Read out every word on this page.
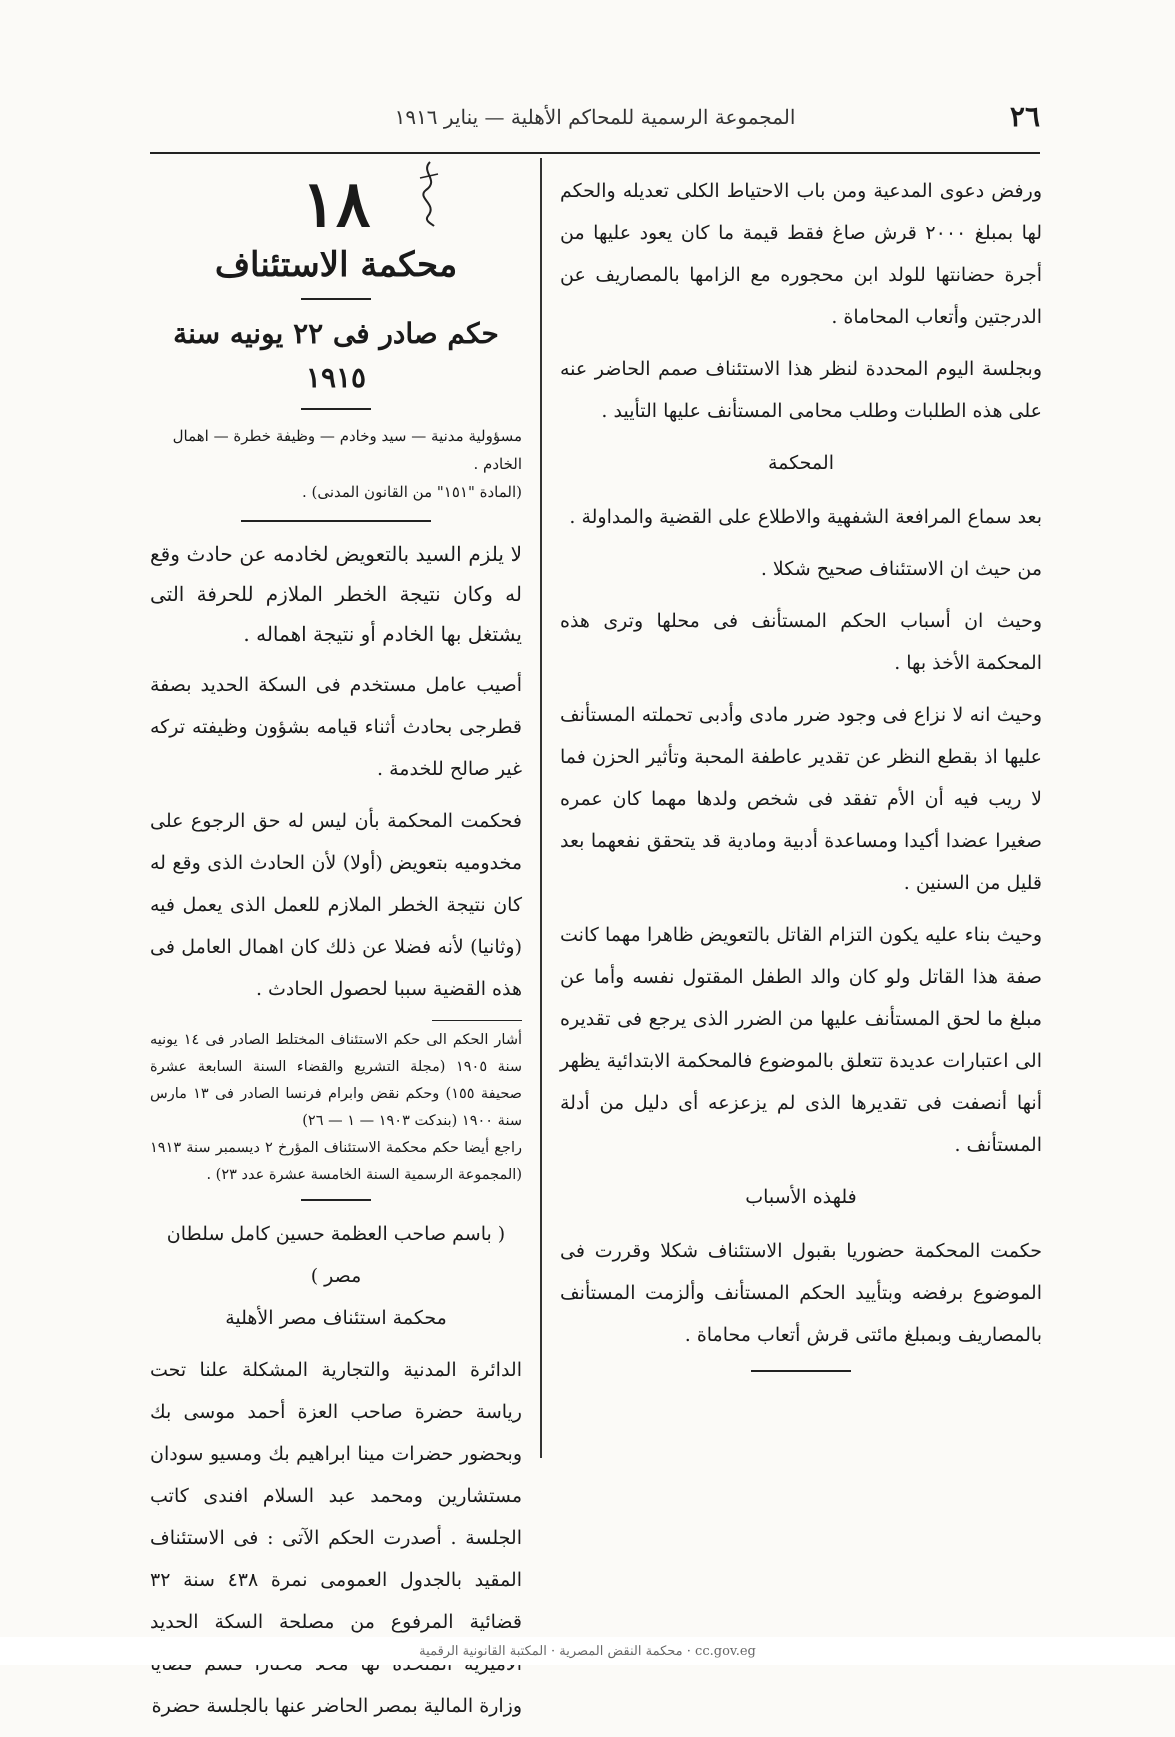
٢٦
المجموعة الرسمية للمحاكم الأهلية — يناير ١٩١٦

ورفض دعوى المدعية ومن باب الاحتياط الكلى تعديله والحكم لها بمبلغ ٢٠٠٠ قرش صاغ فقط قيمة ما كان يعود عليها من أجرة حضانتها للولد ابن محجوره مع الزامها بالمصاريف عن الدرجتين وأتعاب المحاماة .

وبجلسة اليوم المحددة لنظر هذا الاستئناف صمم الحاضر عنه على هذه الطلبات وطلب محامى المستأنف عليها التأييد .

المحكمة

بعد سماع المرافعة الشفهية والاطلاع على القضية والمداولة .

من حيث ان الاستئناف صحيح شكلا .

وحيث ان أسباب الحكم المستأنف فى محلها وترى هذه المحكمة الأخذ بها .

وحيث انه لا نزاع فى وجود ضرر مادى وأدبى تحملته المستأنف عليها اذ بقطع النظر عن تقدير عاطفة المحبة وتأثير الحزن فما لا ريب فيه أن الأم تفقد فى شخص ولدها مهما كان عمره صغيرا عضدا أكيدا ومساعدة أدبية ومادية قد يتحقق نفعهما بعد قليل من السنين .

وحيث بناء عليه يكون التزام القاتل بالتعويض ظاهرا مهما كانت صفة هذا القاتل ولو كان والد الطفل المقتول نفسه وأما عن مبلغ ما لحق المستأنف عليها من الضرر الذى يرجع فى تقديره الى اعتبارات عديدة تتعلق بالموضوع فالمحكمة الابتدائية يظهر أنها أنصفت فى تقديرها الذى لم يزعزعه أى دليل من أدلة المستأنف .

فلهذه الأسباب

حكمت المحكمة حضوريا بقبول الاستئناف شكلا وقررت فى الموضوع برفضه وبتأييد الحكم المستأنف وألزمت المستأنف بالمصاريف وبمبلغ مائتى قرش أتعاب محاماة .

١٨
محكمة الاستئناف
حكم صادر فى ٢٢ يونيه سنة ١٩١٥

مسؤولية مدنية — سيد وخادم — وظيفة خطرة — اهمال الخادم .

(المادة "١٥١" من القانون المدنى) .

لا يلزم السيد بالتعويض لخادمه عن حادث وقع له وكان نتيجة الخطر الملازم للحرفة التى يشتغل بها الخادم أو نتيجة اهماله .

أصيب عامل مستخدم فى السكة الحديد بصفة قطرجى بحادث أثناء قيامه بشؤون وظيفته تركه غير صالح للخدمة .

فحكمت المحكمة بأن ليس له حق الرجوع على مخدوميه بتعويض (أولا) لأن الحادث الذى وقع له كان نتيجة الخطر الملازم للعمل الذى يعمل فيه (وثانيا) لأنه فضلا عن ذلك كان اهمال العامل فى هذه القضية سببا لحصول الحادث .

أشار الحكم الى حكم الاستئناف المختلط الصادر فى ١٤ يونيه سنة ١٩٠٥ (مجلة التشريع والقضاء السنة السابعة عشرة صحيفة ١٥٥) وحكم نقض وابرام فرنسا الصادر فى ١٣ مارس سنة ١٩٠٠ (بندكت ١٩٠٣ — ١ — ٢٦)

راجع أيضا حكم محكمة الاستئناف المؤرخ ٢ ديسمبر سنة ١٩١٣ (المجموعة الرسمية السنة الخامسة عشرة عدد ٢٣) .

( باسم صاحب العظمة حسين كامل سلطان مصر )

محكمة استئناف مصر الأهلية

الدائرة المدنية والتجارية المشكلة علنا تحت رياسة حضرة صاحب العزة أحمد موسى بك وبحضور حضرات مينا ابراهيم بك ومسيو سودان مستشارين ومحمد عبد السلام افندى كاتب الجلسة . أصدرت الحكم الآتى : فى الاستئناف المقيد بالجدول العمومى نمرة ٤٣٨ سنة ٣٢ قضائية المرفوع من مصلحة السكة الحديد وزارة المالية بمصر الحاضر عنها بالجلسة حضرة

cc.gov.eg · محكمة النقض المصرية · المكتبة القانونية الرقمية
